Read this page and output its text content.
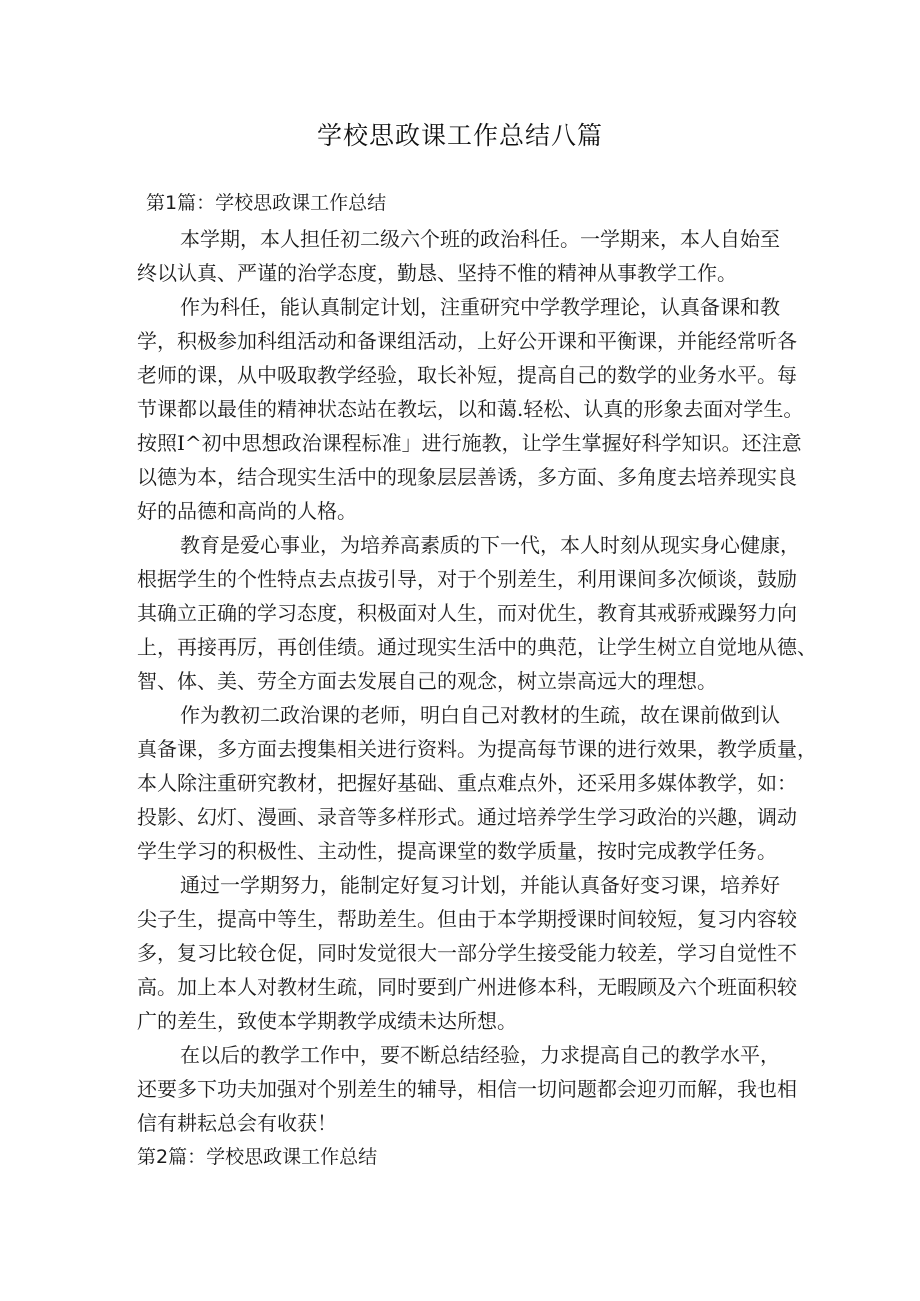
学校思政课工作总结八篇
第1篇：学校思政课工作总结
本学期，本人担任初二级六个班的政治科任。一学期来，本人自始至
终以认真、严谨的治学态度，勤恳、坚持不惟的精神从事教学工作。
作为科任，能认真制定计划，注重研究中学教学理论，认真备课和教
学，积极参加科组活动和备课组活动，上好公开课和平衡课，并能经常听各
老师的课，从中吸取教学经验，取长补短，提高自己的数学的业务水平。每
节课都以最佳的精神状态站在教坛，以和蔼.轻松、认真的形象去面对学生。
按照I^初中思想政治课程标准」进行施教，让学生掌握好科学知识。还注意
以德为本，结合现实生活中的现象层层善诱，多方面、多角度去培养现实良
好的品德和高尚的人格。
教育是爱心事业，为培养高素质的下一代，本人时刻从现实身心健康，
根据学生的个性特点去点拔引导，对于个别差生，利用课间多次倾谈，鼓励
其确立正确的学习态度，积极面对人生，而对优生，教育其戒骄戒躁努力向
上，再接再厉，再创佳绩。通过现实生活中的典范，让学生树立自觉地从德、
智、体、美、劳全方面去发展自己的观念，树立崇高远大的理想。
作为教初二政治课的老师，明白自己对教材的生疏，故在课前做到认
真备课，多方面去搜集相关进行资料。为提高每节课的进行效果，教学质量，
本人除注重研究教材，把握好基础、重点难点外，还采用多媒体教学，如：
投影、幻灯、漫画、录音等多样形式。通过培养学生学习政治的兴趣，调动
学生学习的积极性、主动性，提高课堂的数学质量，按时完成教学任务。
通过一学期努力，能制定好复习计划，并能认真备好变习课，培养好
尖子生，提高中等生，帮助差生。但由于本学期授课时间较短，复习内容较
多，复习比较仓促，同时发觉很大一部分学生接受能力较差，学习自觉性不
高。加上本人对教材生疏，同时要到广州进修本科，无暇顾及六个班面积较
广的差生，致使本学期教学成绩未达所想。
在以后的教学工作中，要不断总结经验，力求提高自己的教学水平，
还要多下功夫加强对个别差生的辅导，相信一切问题都会迎刃而解，我也相
信有耕耘总会有收获！
第2篇：学校思政课工作总结
